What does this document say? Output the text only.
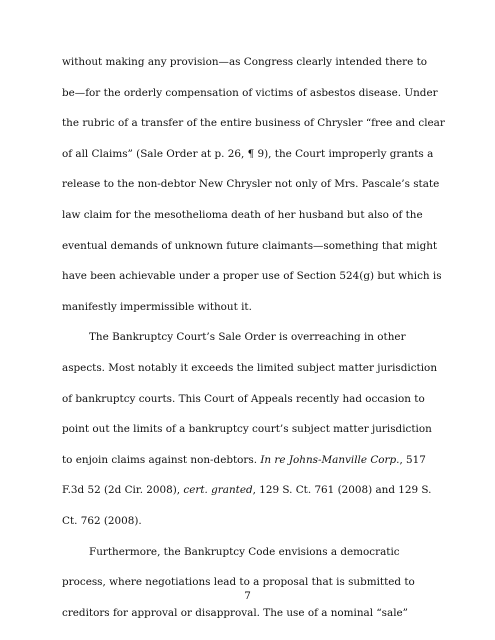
without making any provision—as Congress clearly intended there to
be—for the orderly compensation of victims of asbestos disease. Under
the rubric of a transfer of the entire business of Chrysler “free and clear
of all Claims” (Sale Order at p. 26, ¶ 9), the Court improperly grants a
release to the non-debtor New Chrysler not only of Mrs. Pascale’s state
law claim for the mesothelioma death of her husband but also of the
eventual demands of unknown future claimants—something that might
have been achievable under a proper use of Section 524(g) but which is
manifestly impermissible without it.
The Bankruptcy Court’s Sale Order is overreaching in other
aspects. Most notably it exceeds the limited subject matter jurisdiction
of bankruptcy courts. This Court of Appeals recently had occasion to
point out the limits of a bankruptcy court’s subject matter jurisdiction
to enjoin claims against non-debtors. In re Johns-Manville Corp., 517
F.3d 52 (2d Cir. 2008), cert. granted, 129 S. Ct. 761 (2008) and 129 S.
Ct. 762 (2008).
Furthermore, the Bankruptcy Code envisions a democratic
process, where negotiations lead to a proposal that is submitted to
creditors for approval or disapproval. The use of a nominal “sale”
7
